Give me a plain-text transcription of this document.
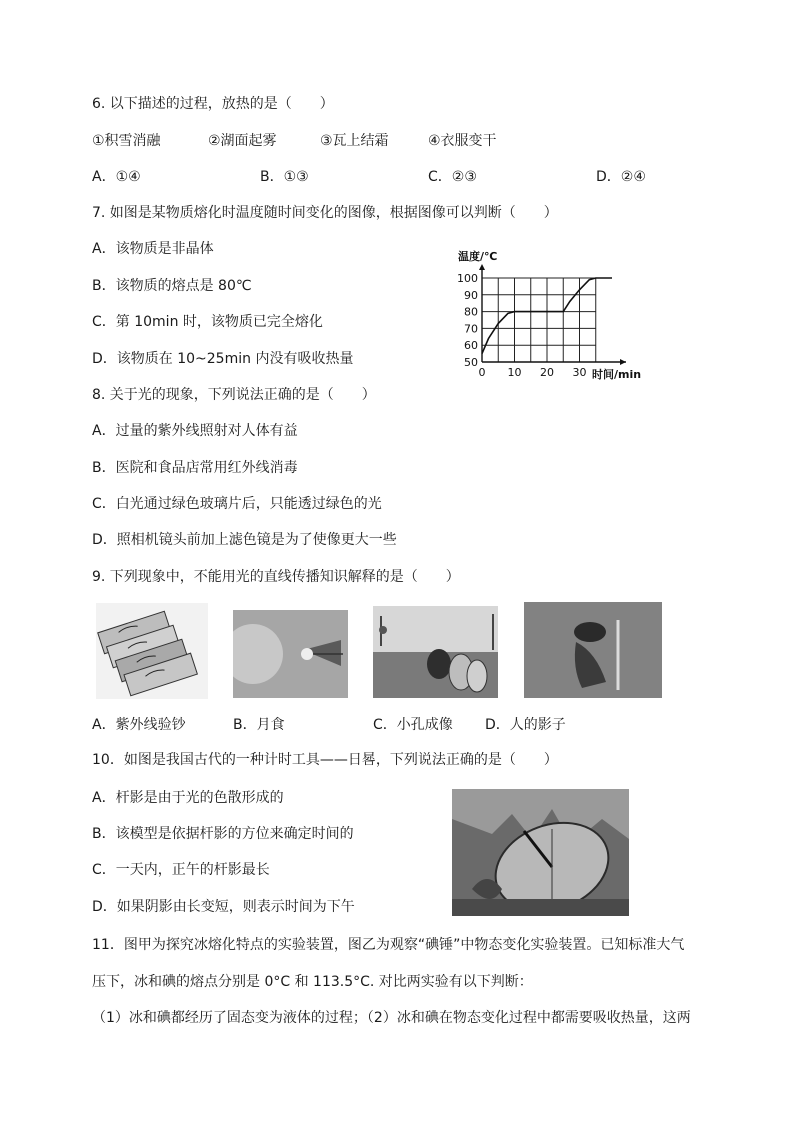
6. 以下描述的过程，放热的是（　　）
①积雪消融	②湖面起雾	③瓦上结霜	④衣服变干
A．①④	B．①③	C．②③	D．②④
7. 如图是某物质熔化时温度随时间变化的图像，根据图像可以判断（　　）
A．该物质是非晶体
B．该物质的熔点是 80℃
C．第 10min 时，该物质已完全熔化
D．该物质在 10~25min 内没有吸收热量	50
60
70
80
90
100
0 10 20 30
温度/℃
时间/min
8. 关于光的现象，下列说法正确的是（　　）
A．过量的紫外线照射对人体有益
B．医院和食品店常用红外线消毒
C．白光通过绿色玻璃片后，只能透过绿色的光
D．照相机镜头前加上滤色镜是为了使像更大一些
9. 下列现象中，不能用光的直线传播知识解释的是（　　）
A．紫外线验钞	B．月食	C．小孔成像 D．人的影子
10．如图是我国古代的一种计时工具——日晷，下列说法正确的是（　　）
A．杆影是由于光的色散形成的
B．该模型是依据杆影的方位来确定时间的
C．一天内，正午的杆影最长
D．如果阴影由长变短，则表示时间为下午
11．图甲为探究冰熔化特点的实验装置，图乙为观察“碘锤”中物态变化实验装置。已知标准大气
压下，冰和碘的熔点分别是 0°C 和 113.5°C. 对比两实验有以下判断：
（1）冰和碘都经历了固态变为液体的过程；（2）冰和碘在物态变化过程中都需要吸收热量，这两
